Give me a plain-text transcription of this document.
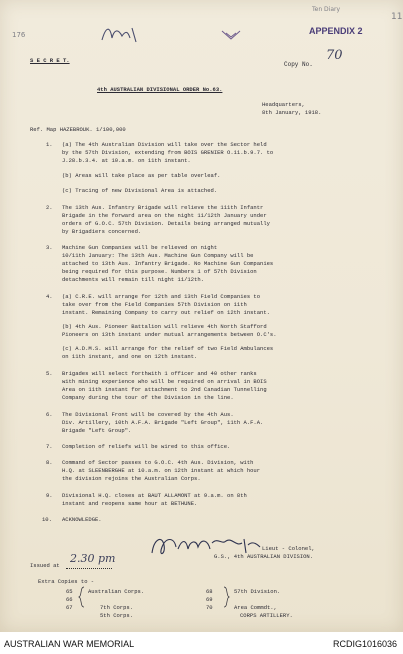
11
Ten Diary
APPENDIX 2
176
S E C R E T.
Copy No.
70
4th AUSTRALIAN DIVISIONAL ORDER No.63.
Headquarters,
8th January, 1918.
Ref. Map HAZEBROUK. 1/100,000
1. (a) The 4th Australian Division will take over the Sector held
by the 57th Division, extending from BOIS GRENIER O.11.b.9.7. to
J.28.b.3.4. at 10.a.m. on 11th instant.
(b) Areas will take place as per table overleaf.
(c) Tracing of new Divisional Area is attached.
2. The 13th Aus. Infantry Brigade will relieve the 111th Infantr
Brigade in the forward area on the night 11/12th January under
orders of G.O.C. 57th Division. Details being arranged mutually
by Brigadiers concerned.
3. Machine Gun Companies will be relieved on night
10/11th January: The 13th Aus. Machine Gun Company will be
attached to 13th Aus. Infantry Brigade. No Machine Gun Companies
being required for this purpose. Numbers 1 of 57th Division
detachments will remain till night 11/12th.
4. (a) C.R.E. will arrange for 12th and 13th Field Companies to
take over from the Field Companies 57th Division on 11th
instant. Remaining Company to carry out relief on 12th instant.
(b) 4th Aus. Pioneer Battalion will relieve 4th North Stafford
Pioneers on 13th instant under mutual arrangements between O.C's.
(c) A.D.M.S. will arrange for the relief of two Field Ambulances
on 11th instant, and one on 12th instant.
5. Brigades will select forthwith 1 officer and 40 other ranks
with mining experience who will be required on arrival in BOIS
Area on 11th instant for attachment to 2nd Canadian Tunnelling
Company during the tour of the Division in the line.
6. The Divisional Front will be covered by the 4th Aus.
Div. Artillery, 10th A.F.A. Brigade "Left Group", 11th A.F.A.
Brigade "Left Group".
7. Completion of reliefs will be wired to this office.
8. Command of Sector passes to G.O.C. 4th Aus. Division, with
H.Q. at SLEENBERGHE at 10.a.m. on 12th instant at which hour
the division rejoins the Australian Corps.
9. Divisional H.Q. closes at BAUT ALLAMONT at 9.a.m. on 8th
instant and reopens same hour at BETHUNE.
10. ACKNOWLEDGE.
Lieut - Colonel,
G.S., 4th AUSTRALIAN DIVISION.
Issued at
2.30 pm
Extra Copies to -
65	Australian Corps.	68	57th Division.
66	69
67	7th Corps.	70	Area Commdt.,
5th Corps.	CORPS ARTILLERY.
AUSTRALIAN WAR MEMORIAL	RCDIG1016036
